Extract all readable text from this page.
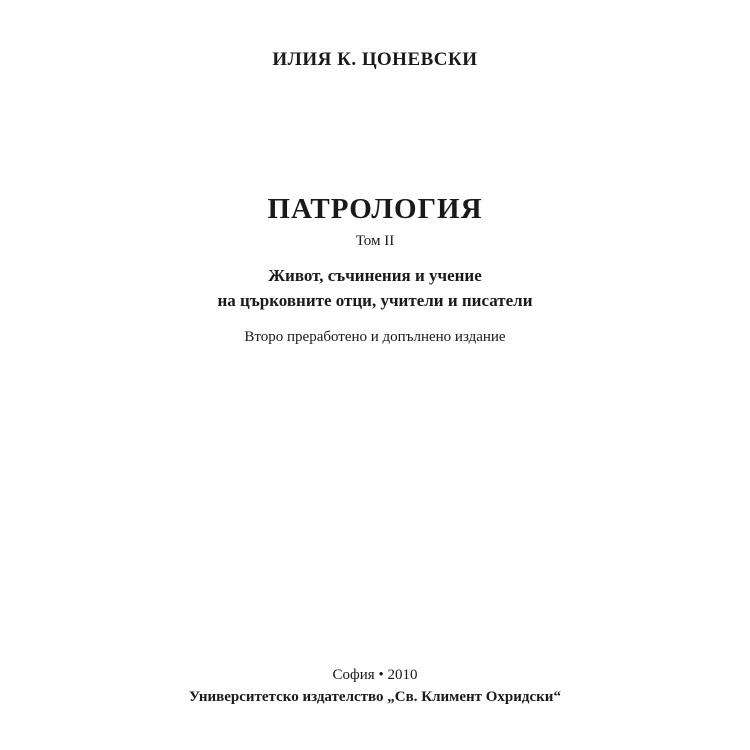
ИЛИЯ К. ЦОНЕВСКИ
ПАТРОЛОГИЯ
Том II
Живот, съчинения и учение
на църковните отци, учители и писатели
Второ преработено и допълнено издание
София • 2010
Университетско издателство „Св. Климент Охридски“
